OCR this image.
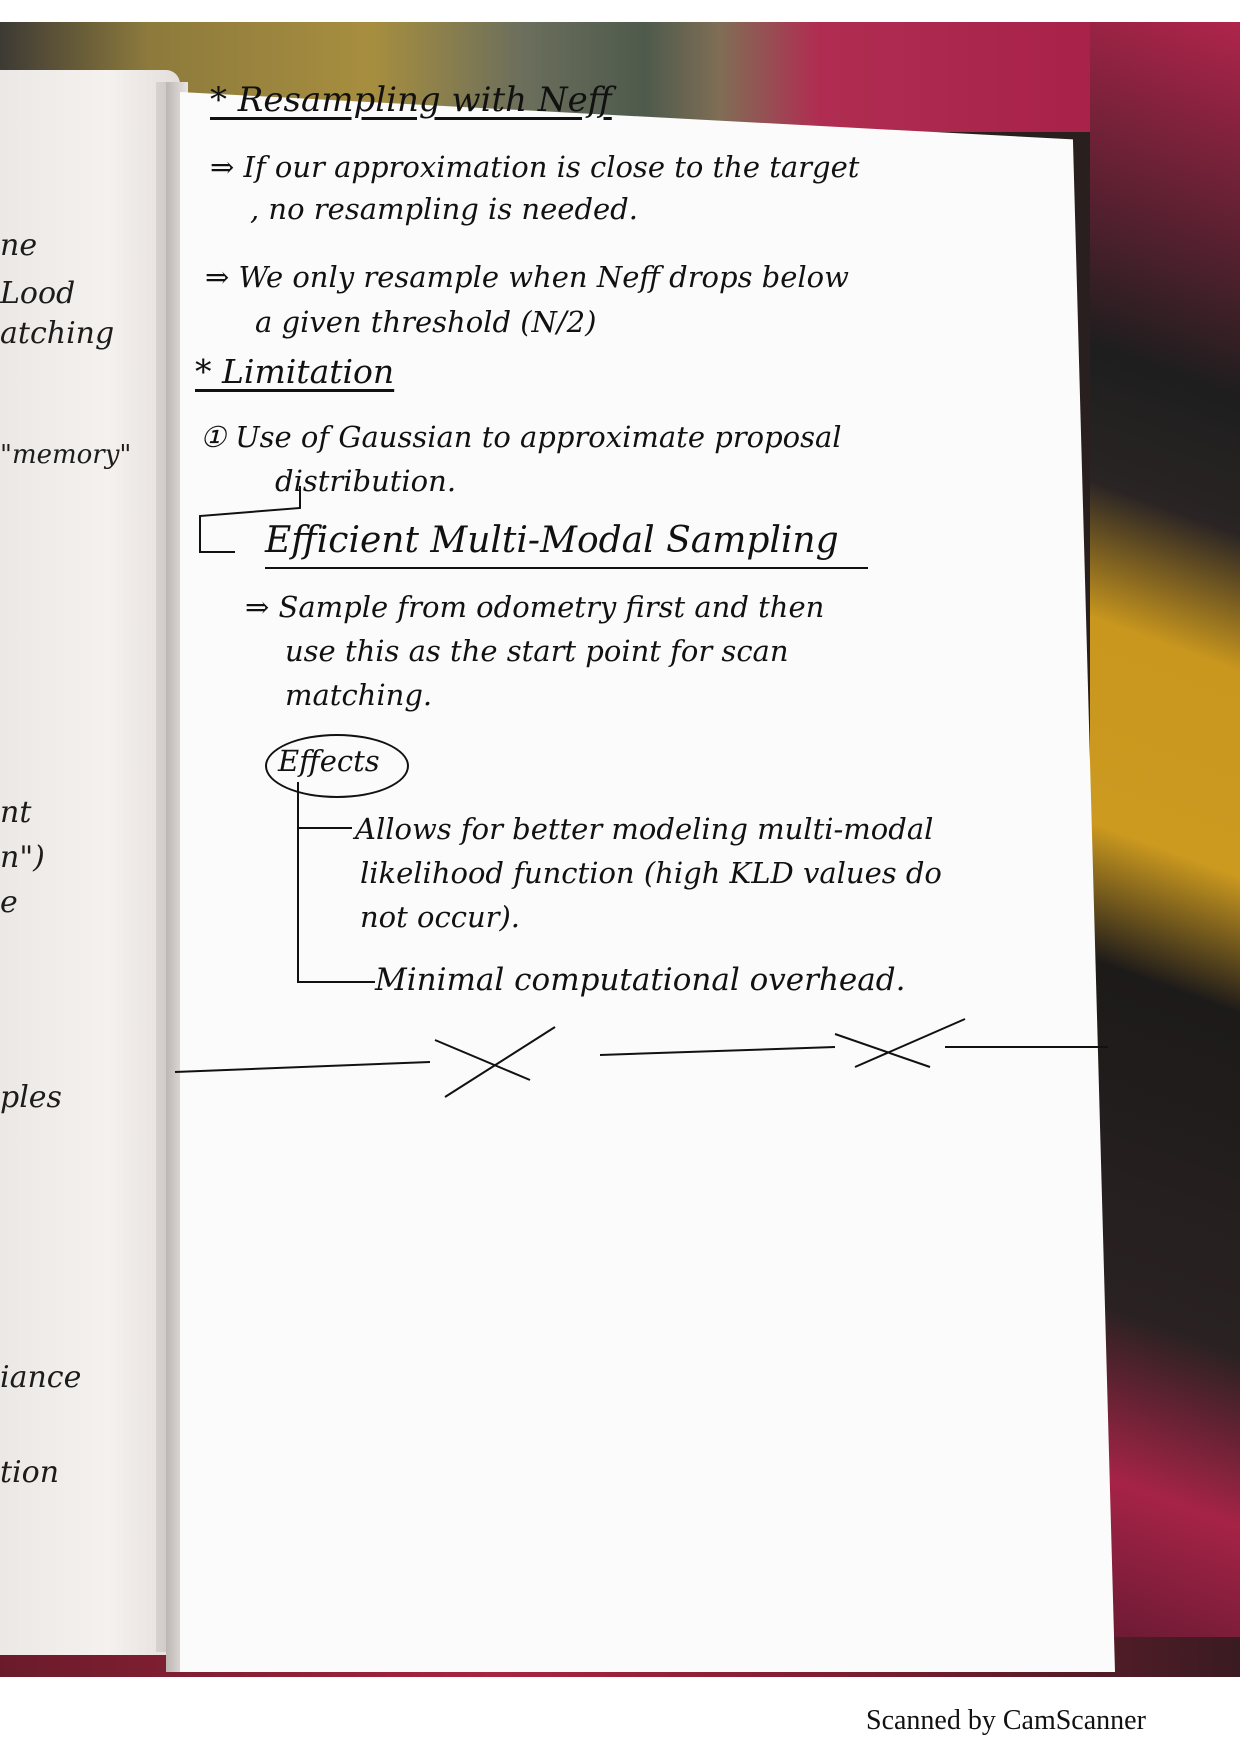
ne
Lood
atching
"memory"
nt
n")
e
ples
iance
tion
* Resampling with Neff
⇒ If our approximation is close to the target
, no resampling is needed.
⇒ We only resample when Neff drops below
a given threshold (N/2)
* Limitation
① Use of Gaussian to approximate proposal
distribution.
Efficient Multi-Modal Sampling
⇒ Sample from odometry first and then
use this as the start point for scan
matching.
Effects
Allows for better modeling multi-modal
likelihood function (high KLD values do
not occur).
Minimal computational overhead.
Scanned by CamScanner
